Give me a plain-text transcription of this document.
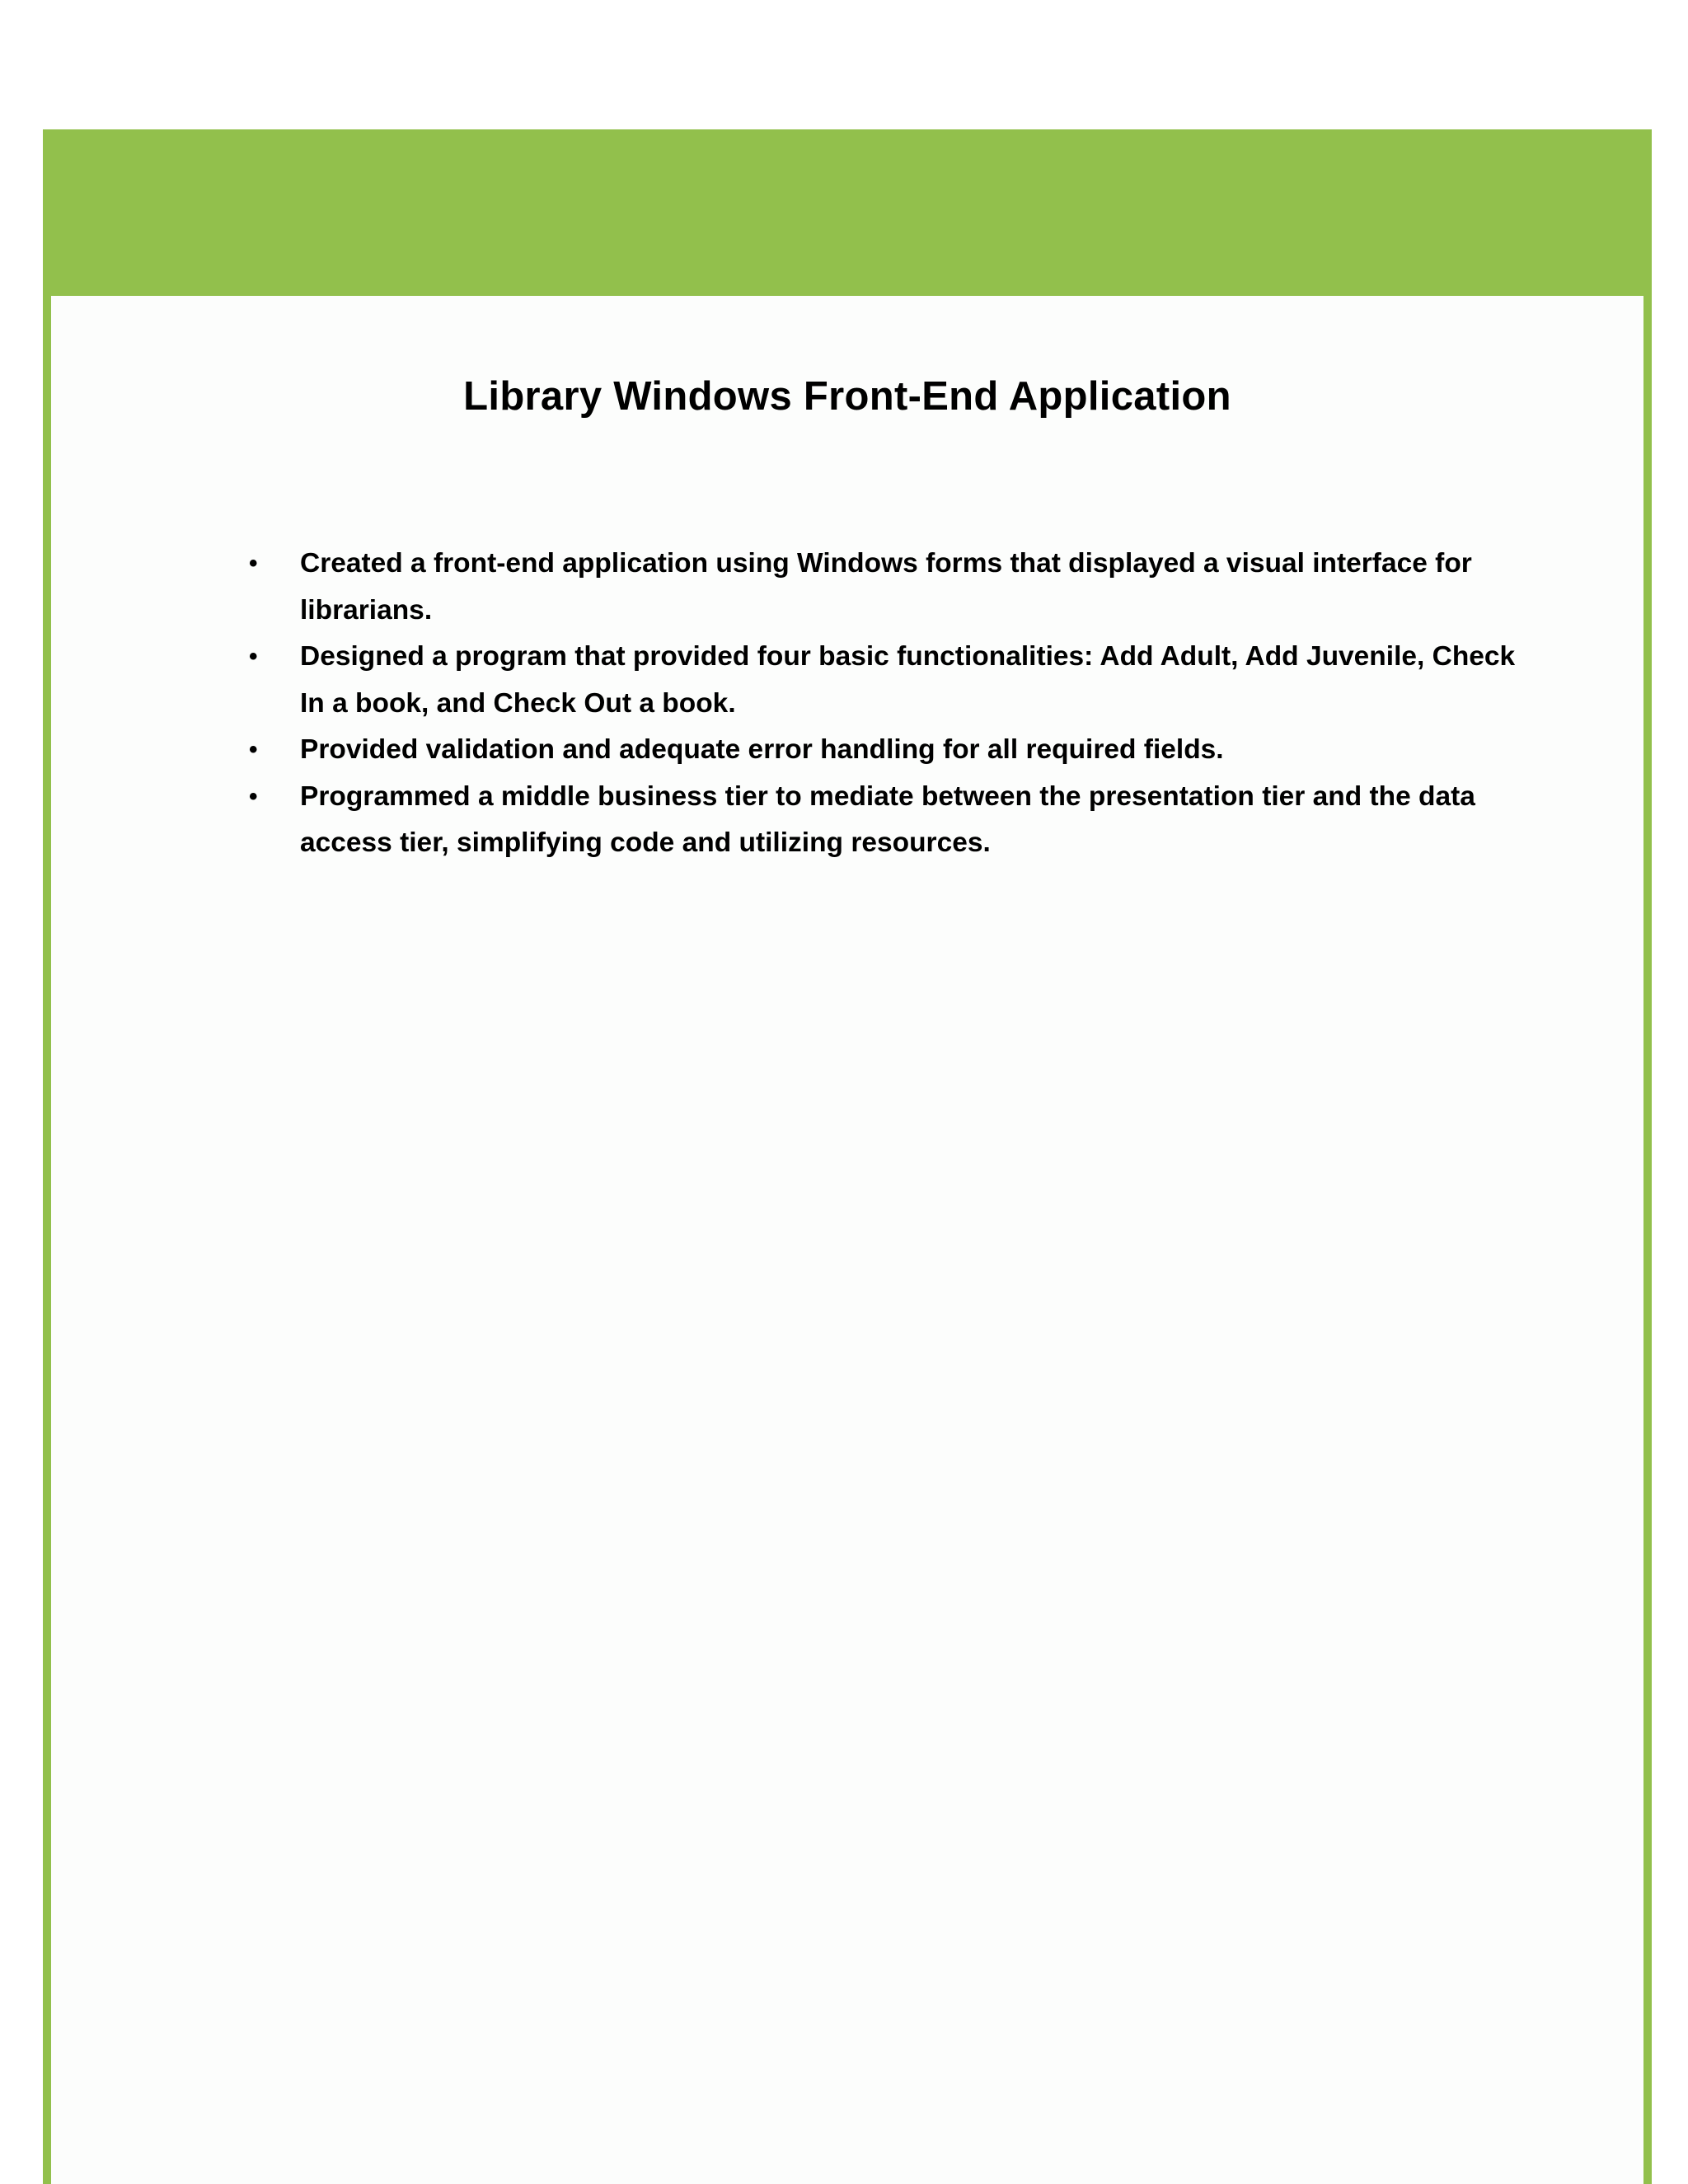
Library Windows Front-End Application
•	Created a front-end application using Windows forms that displayed a visual interface for librarians.
•	Designed a program that provided four basic functionalities: Add Adult, Add Juvenile, Check In a book, and Check Out a book.
•	Provided validation and adequate error handling for all required fields.
•	Programmed a middle business tier to mediate between the presentation tier and the data access tier, simplifying code and utilizing resources.
